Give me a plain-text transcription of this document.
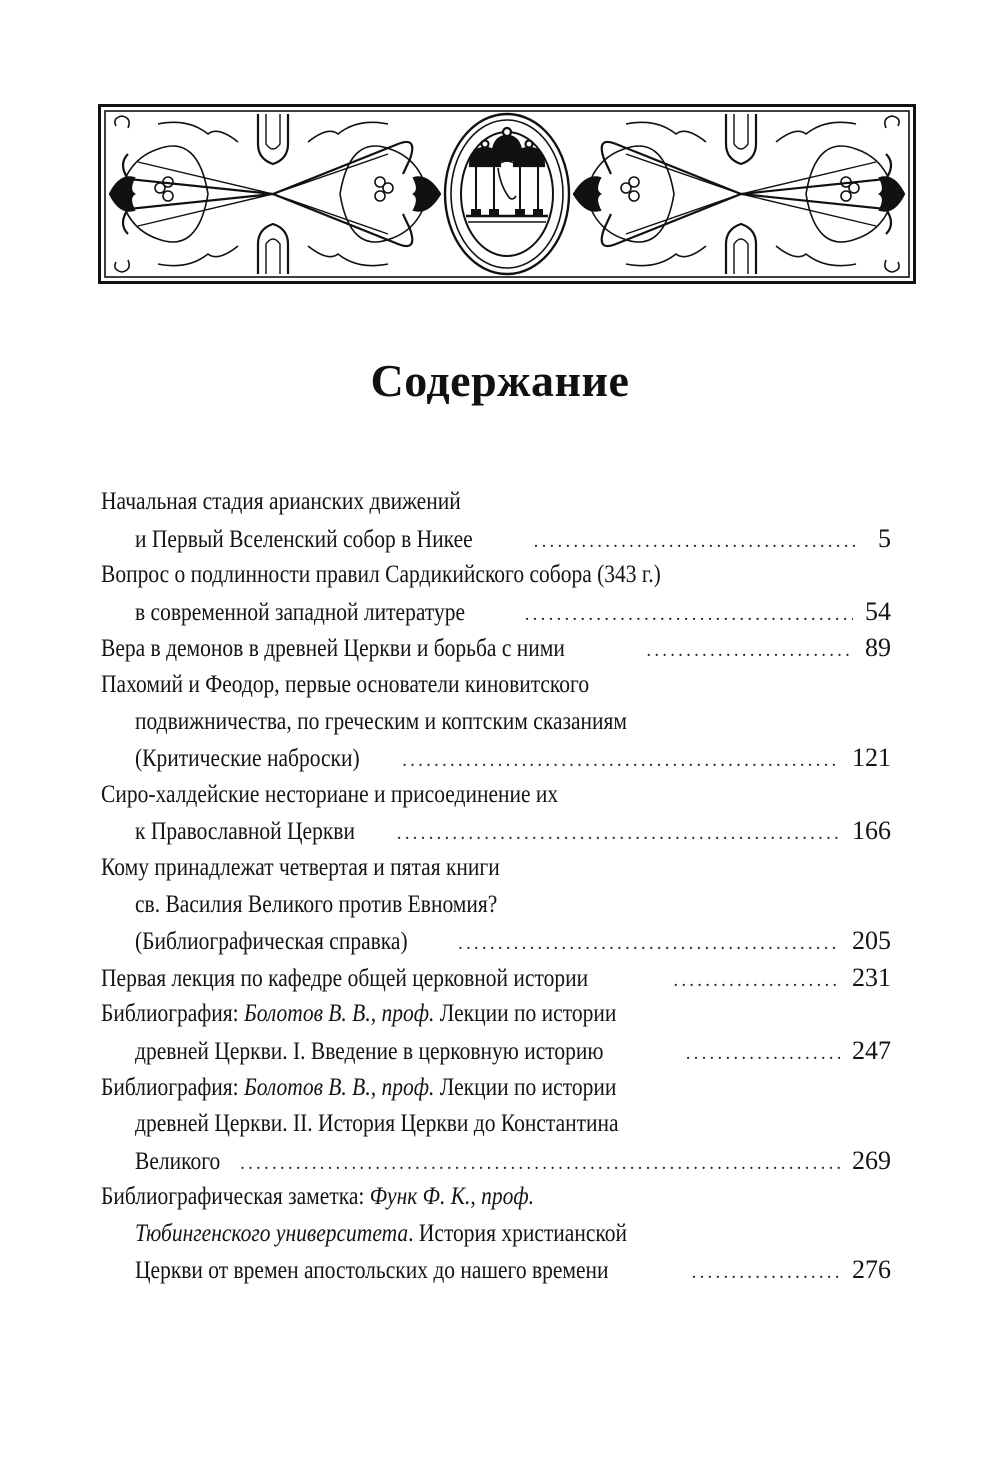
Содержание
Начальная стадия арианских движений
и Первый Вселенский собор в Никее .....	5
Вопрос о подлинности правил Сардикийского собора (343 г.)
в современной западной литературе .....	54
Вера в демонов в древней Церкви и борьба с ними .....	89
Пахомий и Феодор, первые основатели киновитского
подвижничества, по греческим и коптским сказаниям
(Критические наброски) .....	121
Сиро-халдейские несториане и присоединение их
к Православной Церкви .....	166
Кому принадлежат четвертая и пятая книги
св. Василия Великого против Евномия?
(Библиографическая справка) .....	205
Первая лекция по кафедре общей церковной истории .....	231
Библиография: Болотов В. В., проф. Лекции по истории
древней Церкви. I. Введение в церковную историю .....	247
Библиография: Болотов В. В., проф. Лекции по истории
древней Церкви. II. История Церкви до Константина
Великого .....	269
Библиографическая заметка: Функ Ф. К., проф.
Тюбингенского университета. История христианской
Церкви от времен апостольских до нашего времени .....	276
